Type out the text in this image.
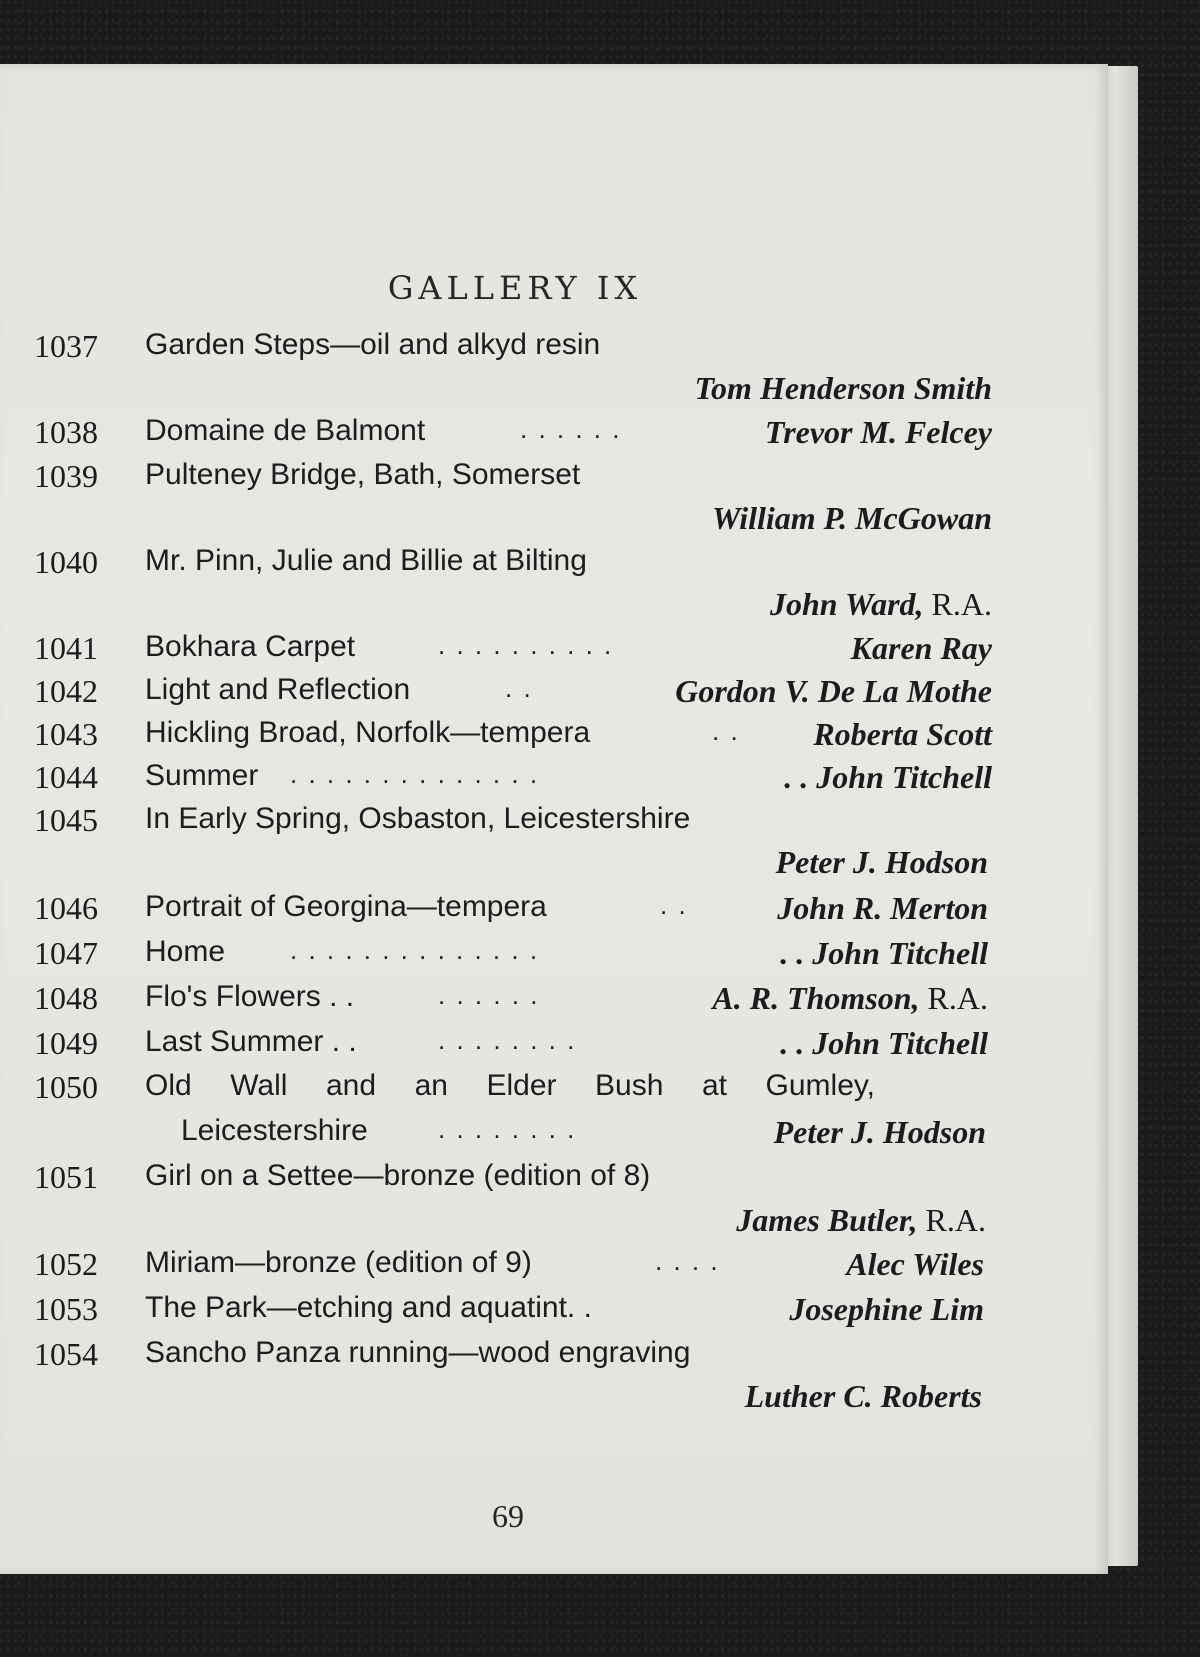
GALLERY IX
1037	Garden Steps—oil and alkyd resin
Tom Henderson Smith
1038	Domaine de Balmont	. . . . . .	Trevor M. Felcey
1039	Pulteney Bridge, Bath, Somerset
William P. McGowan
1040	Mr. Pinn, Julie and Billie at Bilting
John Ward, R.A.
1041	Bokhara Carpet	. . . . . . . . . .	Karen Ray
1042	Light and Reflection	. .	Gordon V. De La Mothe
1043	Hickling Broad, Norfolk—tempera	. . Roberta Scott
1044	Summer . . . . . . . . . . . . . .	. . John Titchell
1045	In Early Spring, Osbaston, Leicestershire
Peter J. Hodson
1046	Portrait of Georgina—tempera	. .	John R. Merton
1047	Home . . . . . . . . . . . . . .	. . John Titchell
1048	Flo's Flowers . .	. . . . . .	A. R. Thomson, R.A.
1049	Last Summer . .	. . . . . . . .	. . John Titchell
1050	Old Wall and an Elder Bush at Gumley,
Leicestershire	. . . . . . . .	Peter J. Hodson
1051	Girl on a Settee—bronze (edition of 8)
James Butler, R.A.
1052	Miriam—bronze (edition of 9)	. . . .	Alec Wiles
1053	The Park—etching and aquatint. .	Josephine Lim
1054	Sancho Panza running—wood engraving
Luther C. Roberts
69
